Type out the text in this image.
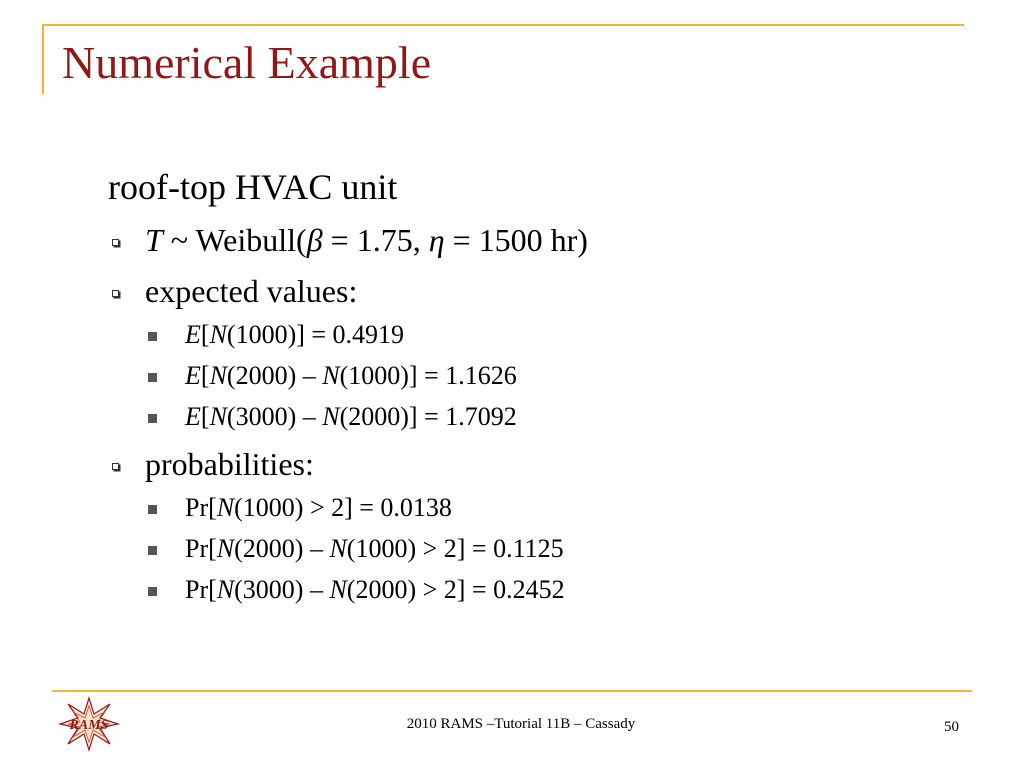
Numerical Example
roof-top HVAC unit
T ~ Weibull(β = 1.75, η = 1500 hr)
expected values:
E[N(1000)] = 0.4919
E[N(2000) – N(1000)] = 1.1626
E[N(3000) – N(2000)] = 1.7092
probabilities:
Pr[N(1000) > 2] = 0.0138
Pr[N(2000) – N(1000) > 2] = 0.1125
Pr[N(3000) – N(2000) > 2] = 0.2452
RAMS	2010 RAMS –Tutorial 11B – Cassady	50
